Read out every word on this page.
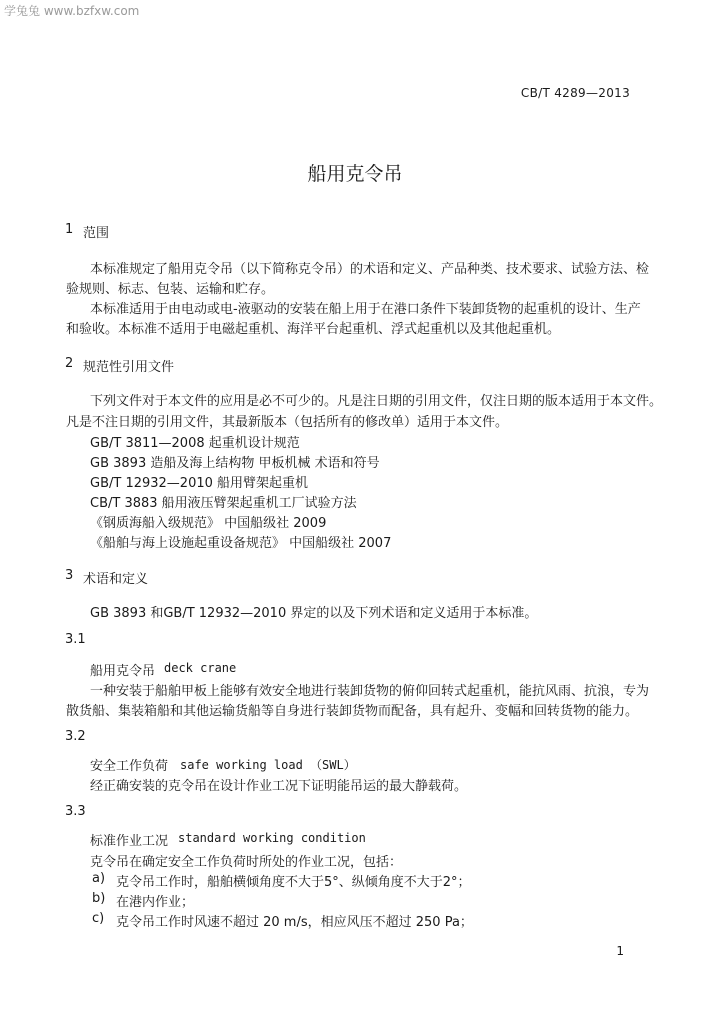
学兔兔 www.bzfxw.com
CB/T 4289—2013
船用克令吊
1 范围
本标准规定了船用克令吊（以下简称克令吊）的术语和定义、产品种类、技术要求、试验方法、检
验规则、标志、包装、运输和贮存。
本标准适用于由电动或电-液驱动的安装在船上用于在港口条件下装卸货物的起重机的设计、生产
和验收。本标准不适用于电磁起重机、海洋平台起重机、浮式起重机以及其他起重机。
2 规范性引用文件
下列文件对于本文件的应用是必不可少的。凡是注日期的引用文件，仅注日期的版本适用于本文件。
凡是不注日期的引用文件，其最新版本（包括所有的修改单）适用于本文件。
GB/T 3811—2008 起重机设计规范
GB 3893 造船及海上结构物 甲板机械 术语和符号
GB/T 12932—2010 船用臂架起重机
CB/T 3883 船用液压臂架起重机工厂试验方法
《钢质海船入级规范》 中国船级社 2009
《船舶与海上设施起重设备规范》 中国船级社 2007
3 术语和定义
GB 3893 和GB/T 12932—2010 界定的以及下列术语和定义适用于本标准。
3.1
船用克令吊 deck crane
一种安装于船舶甲板上能够有效安全地进行装卸货物的俯仰回转式起重机，能抗风雨、抗浪，专为
散货船、集装箱船和其他运输货船等自身进行装卸货物而配备，具有起升、变幅和回转货物的能力。
3.2
安全工作负荷 safe working load （SWL）
经正确安装的克令吊在设计作业工况下证明能吊运的最大静载荷。
3.3
标准作业工况 standard working condition
克令吊在确定安全工作负荷时所处的作业工况，包括：
a) 克令吊工作时，船舶横倾角度不大于5°、纵倾角度不大于2°；
b) 在港内作业；
c) 克令吊工作时风速不超过 20 m/s，相应风压不超过 250 Pa；
1
